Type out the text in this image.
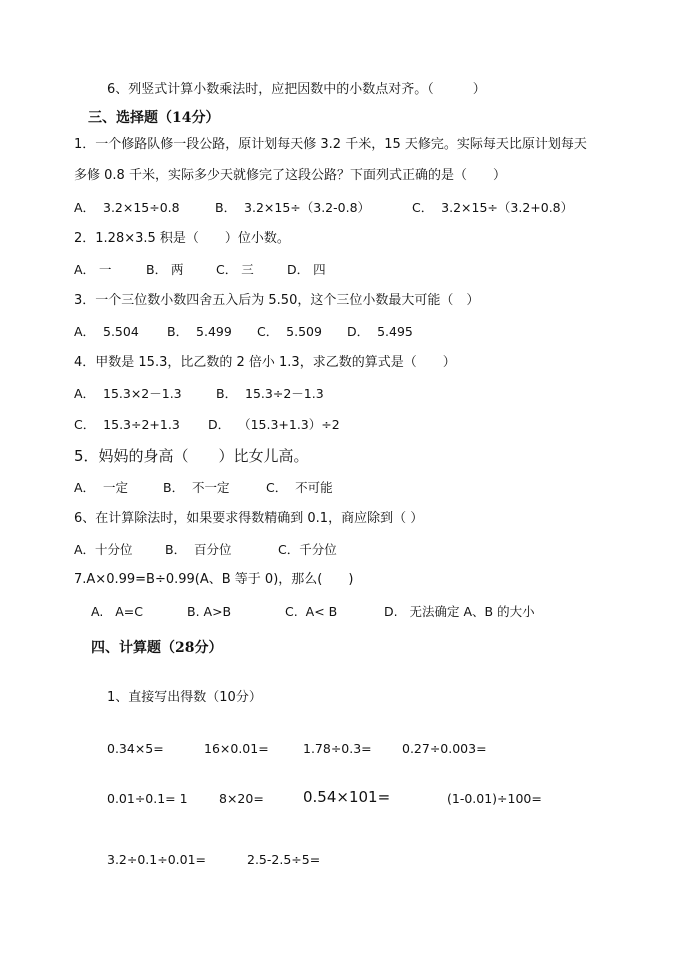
6、列竖式计算小数乘法时，应把因数中的小数点对齐。（　　　）
三、选择题（14分）
1．一个修路队修一段公路，原计划每天修 3.2 千米，15 天修完。实际每天比原计划每天
多修 0.8 千米，实际多少天就修完了这段公路？下面列式正确的是（　　）
A．  3.2×15÷0.8	B．  3.2×15÷（3.2-0.8）	C．  3.2×15÷（3.2+0.8）
2．1.28×3.5 积是（　　）位小数。
A． 一	B． 两	C． 三	D． 四
3．一个三位数小数四舍五入后为 5.50，这个三位小数最大可能（　）
A．  5.504 B．  5.499 C．  5.509 D．  5.495
4．甲数是 15.3，比乙数的 2 倍小 1.3，求乙数的算式是（　　）
A．  15.3×2－1.3	B．  15.3÷2－1.3
C．  15.3÷2+1.3 D．  （15.3+1.3）÷2
5．妈妈的身高（　　）比女儿高。
A．  一定	B．  不一定	C．  不可能
6、在计算除法时，如果要求得数精确到 0.1，商应除到（ ）
A．十分位	B．  百分位	C．千分位
7.A×0.99=B÷0.99(A、B 等于 0)，那么(　　)
A.   A=C	B. A>B	C.  A< B	D.   无法确定 A、B 的大小
四、计算题（28分）
1、直接写出得数（10分）
0.34×5=	16×0.01=	1.78÷0.3= 0.27÷0.003=
0.01÷0.1= 1	8×20=	0.54×101=	(1-0.01)÷100=
3.2÷0.1÷0.01=	2.5-2.5÷5=
